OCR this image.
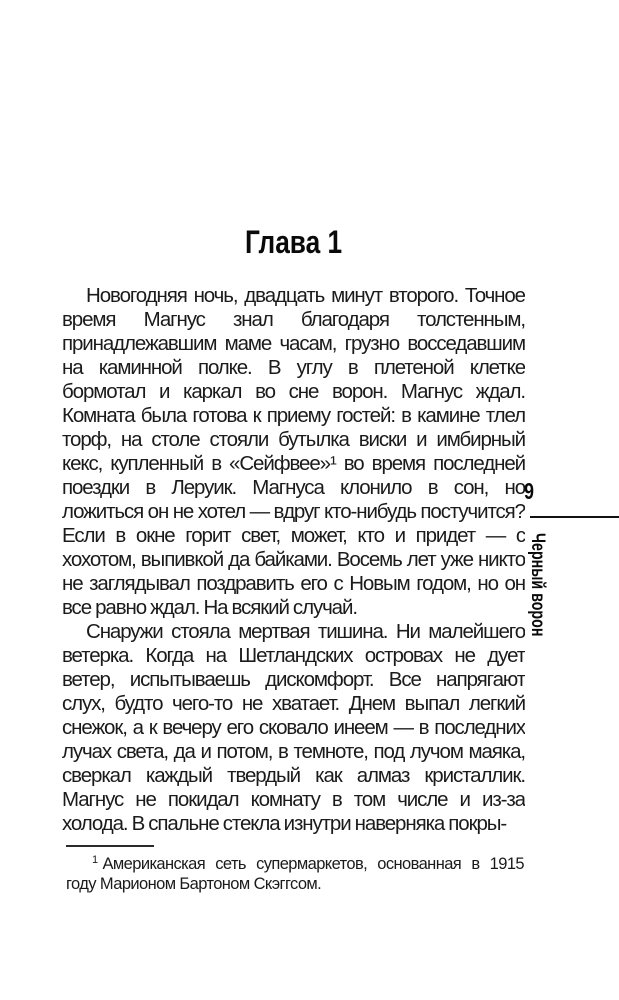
Глава 1

Новогодняя ночь, двадцать минут второго. Точное время Магнус знал благодаря толстенным, принадлежавшим маме часам, грузно восседавшим на каминной полке. В углу в плетеной клетке бормотал и каркал во сне ворон. Магнус ждал. Комната была готова к приему гостей: в камине тлел торф, на столе стояли бутылка виски и имбирный кекс, купленный в «Сейфвее»¹ во время последней поездки в Леруик. Магнуса клонило в сон, но ложиться он не хотел — вдруг кто-нибудь постучится? Если в окне горит свет, может, кто и придет — с хохотом, выпивкой да байками. Восемь лет уже никто не заглядывал поздравить его с Новым годом, но он все равно ждал. На всякий случай.

Снаружи стояла мертвая тишина. Ни малейшего ветерка. Когда на Шетландских островах не дует ветер, испытываешь дискомфорт. Все напрягают слух, будто чего-то не хватает. Днем выпал легкий снежок, а к вечеру его сковало инеем — в последних лучах света, да и потом, в темноте, под лучом маяка, сверкал каждый твердый как алмаз кристаллик. Магнус не покидал комнату в том числе и из-за холода. В спальне стекла изнутри наверняка покры-

$^1$ Американская сеть супермаркетов, основанная в 1915 году Марионом Бартоном Скэггсом.

9
Черный ворон
